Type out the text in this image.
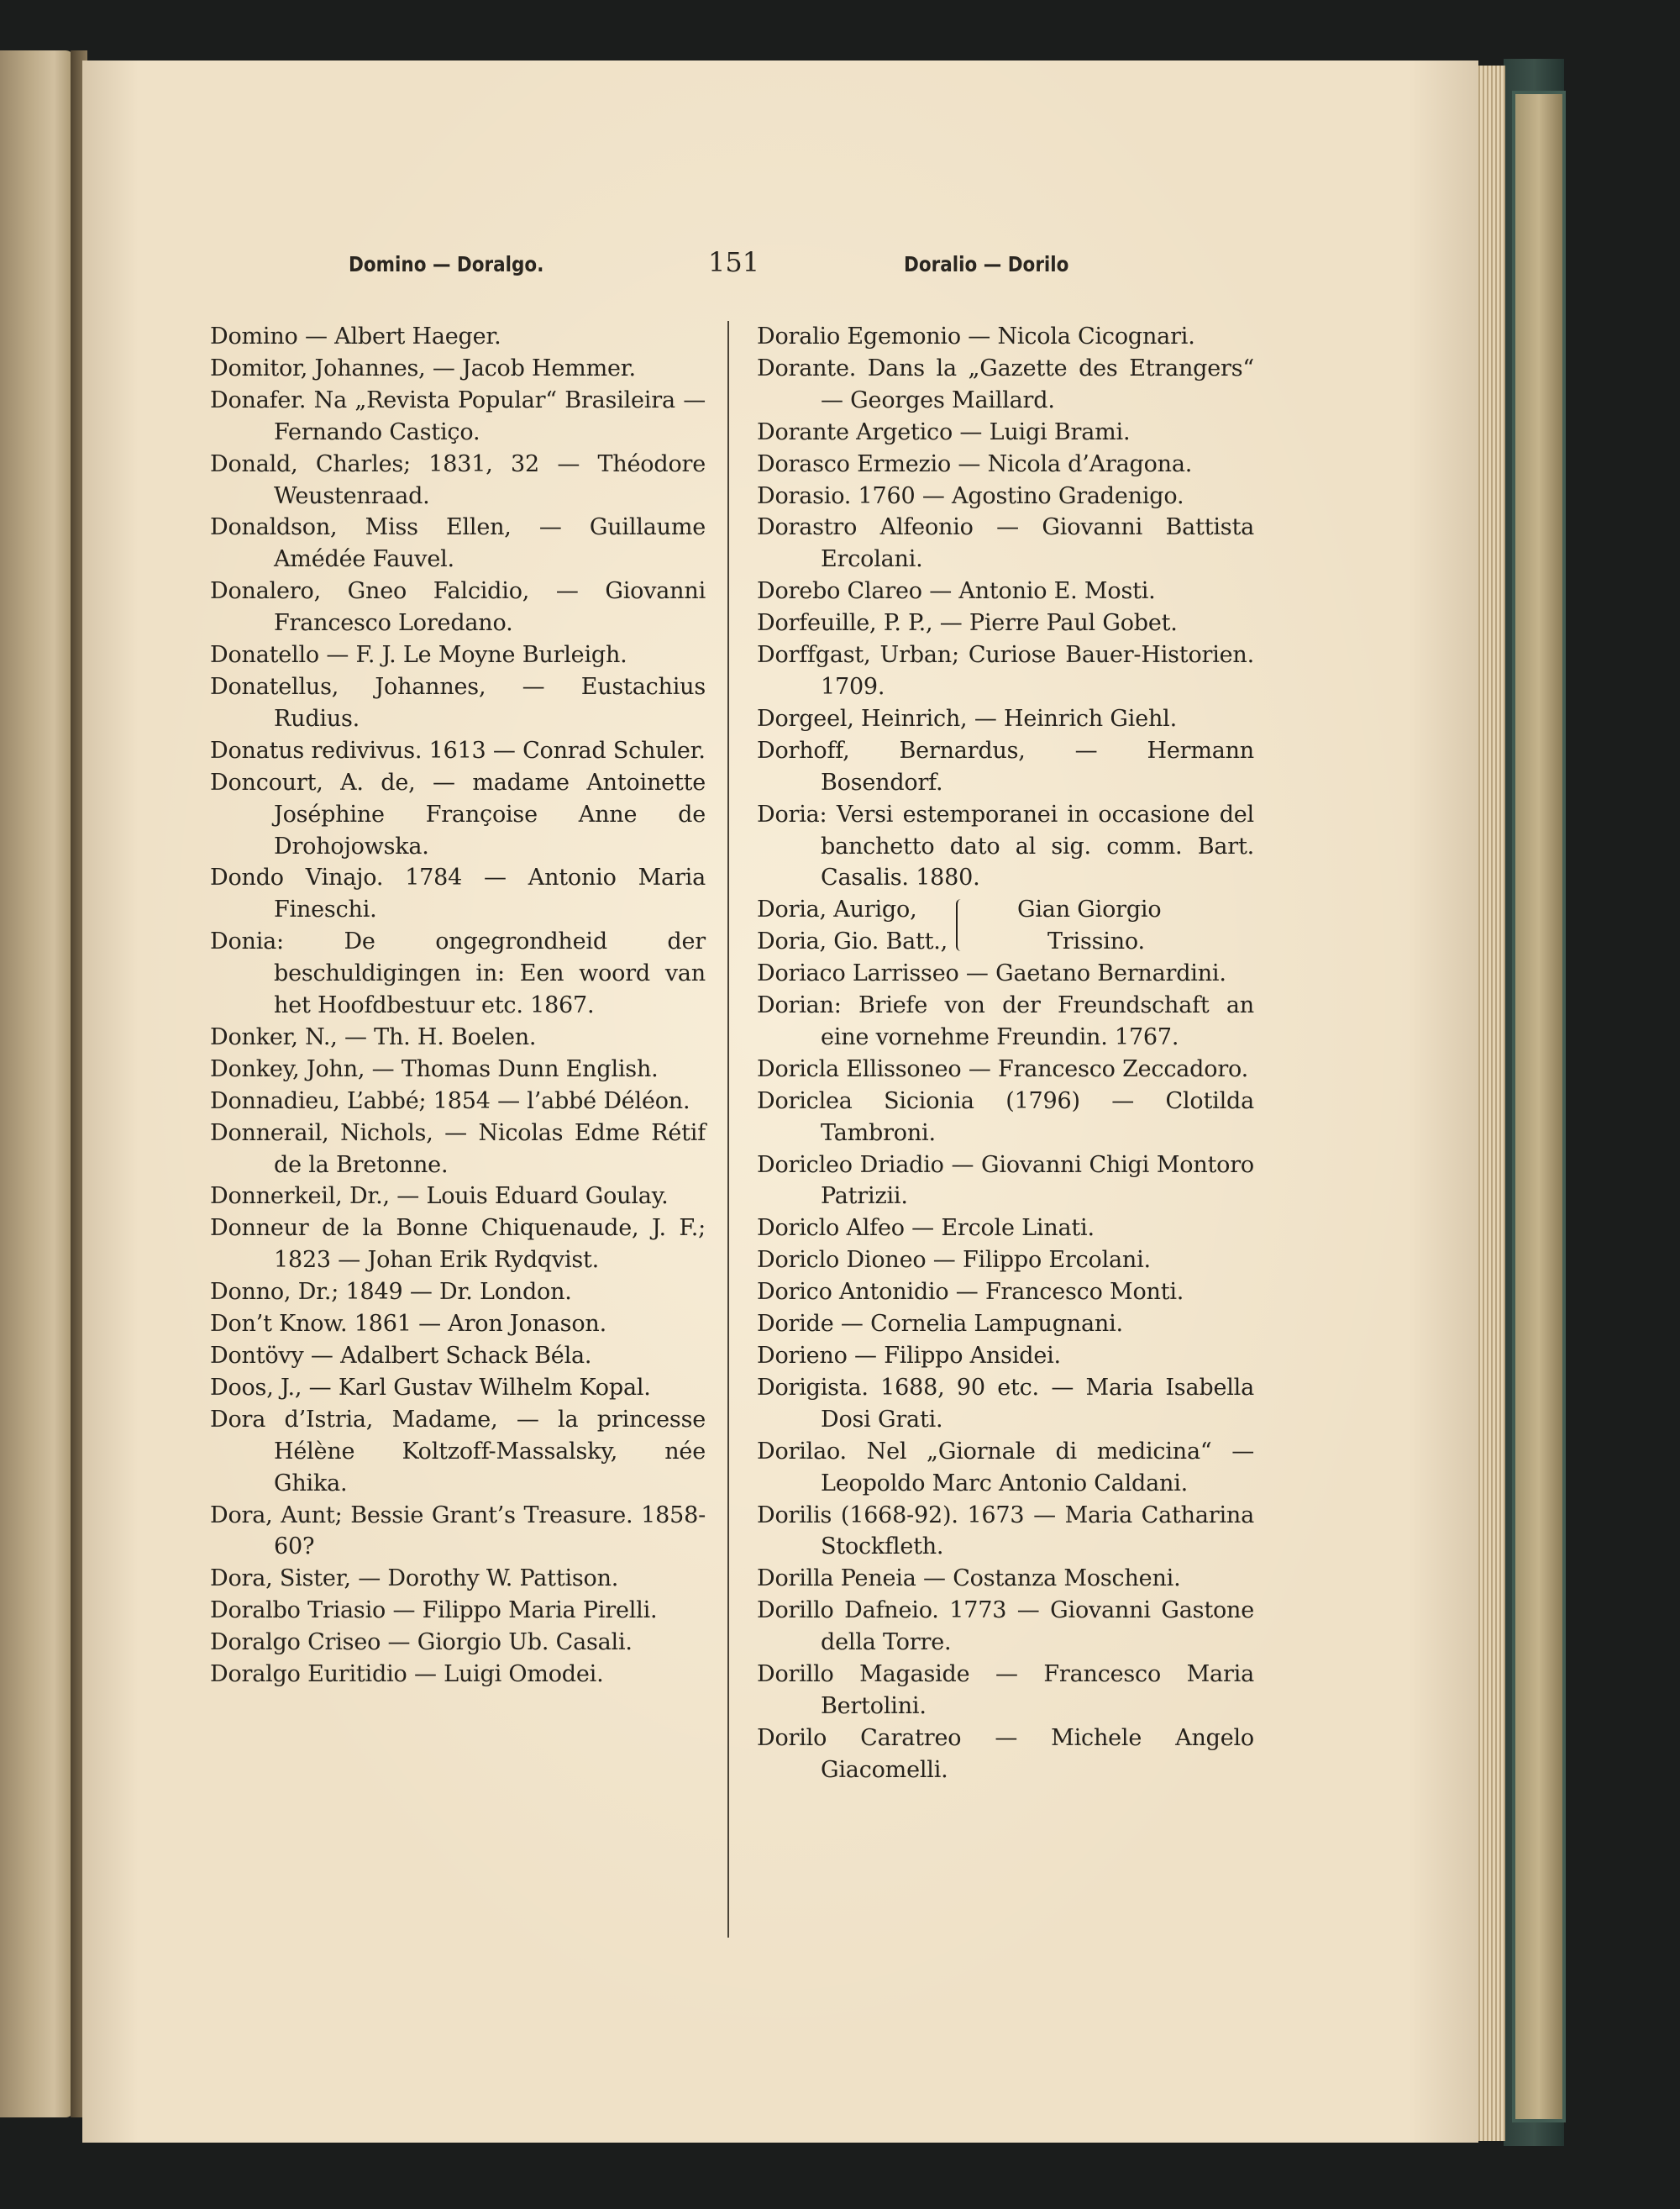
Domino — Doralgo.	151	Doralio — Dorilo

Domino — Albert Haeger.

Domitor, Johannes, — Jacob Hemmer.

Donafer. Na „Revista Popular“ Brasileira — Fernando Castiço.

Donald, Charles; 1831, 32 — Théodore Weustenraad.

Donaldson, Miss Ellen, — Guillaume Amédée Fauvel.

Donalero, Gneo Falcidio, — Giovanni Francesco Loredano.

Donatello — F. J. Le Moyne Burleigh.

Donatellus, Johannes, — Eustachius Rudius.

Donatus redivivus. 1613 — Conrad Schuler.

Doncourt, A. de, — madame Antoinette Joséphine Françoise Anne de Drohojowska.

Dondo Vinajo. 1784 — Antonio Maria Fineschi.

Donia: De ongegrondheid der beschuldigingen in: Een woord van het Hoofdbestuur etc. 1867.

Donker, N., — Th. H. Boelen.

Donkey, John, — Thomas Dunn English.

Donnadieu, L’abbé; 1854 — l’abbé Déléon.

Donnerail, Nichols, — Nicolas Edme Rétif de la Bretonne.

Donnerkeil, Dr., — Louis Eduard Goulay.

Donneur de la Bonne Chiquenaude, J. F.; 1823 — Johan Erik Rydqvist.

Donno, Dr.; 1849 — Dr. London.

Don’t Know. 1861 — Aron Jonason.

Dontövy — Adalbert Schack Béla.

Doos, J., — Karl Gustav Wilhelm Kopal.

Dora d’Istria, Madame, — la princesse Hélène Koltzoff-Massalsky, née Ghika.

Dora, Aunt; Bessie Grant’s Treasure. 1858-60?

Dora, Sister, — Dorothy W. Pattison.

Doralbo Triasio — Filippo Maria Pirelli.

Doralgo Criseo — Giorgio Ub. Casali.

Doralgo Euritidio — Luigi Omodei.

Doralio Egemonio — Nicola Cicognari.

Dorante. Dans la „Gazette des Etrangers“ — Georges Maillard.

Dorante Argetico — Luigi Brami.

Dorasco Ermezio — Nicola d’Aragona.

Dorasio. 1760 — Agostino Gradenigo.

Dorastro Alfeonio — Giovanni Battista Ercolani.

Dorebo Clareo — Antonio E. Mosti.

Dorfeuille, P. P., — Pierre Paul Gobet.

Dorffgast, Urban; Curiose Bauer-Historien. 1709.

Dorgeel, Heinrich, — Heinrich Giehl.

Dorhoff, Bernardus, — Hermann Bosendorf.

Doria: Versi estemporanei in occasione del banchetto dato al sig. comm. Bart. Casalis. 1880.

Doria, Aurigo,
Doria, Gio. Batt.,
Gian Giorgio
Trissino.

Doriaco Larrisseo — Gaetano Bernardini.

Dorian: Briefe von der Freundschaft an eine vornehme Freundin. 1767.

Doricla Ellissoneo — Francesco Zeccadoro.

Doriclea Sicionia (1796) — Clotilda Tambroni.

Doricleo Driadio — Giovanni Chigi Montoro Patrizii.

Doriclo Alfeo — Ercole Linati.

Doriclo Dioneo — Filippo Ercolani.

Dorico Antonidio — Francesco Monti.

Doride — Cornelia Lampugnani.

Dorieno — Filippo Ansidei.

Dorigista. 1688, 90 etc. — Maria Isabella Dosi Grati.

Dorilao. Nel „Giornale di medicina“ — Leopoldo Marc Antonio Caldani.

Dorilis (1668-92). 1673 — Maria Catharina Stockfleth.

Dorilla Peneia — Costanza Moscheni.

Dorillo Dafneio. 1773 — Giovanni Gastone della Torre.

Dorillo Magaside — Francesco Maria Bertolini.

Dorilo Caratreo — Michele Angelo Giacomelli.
